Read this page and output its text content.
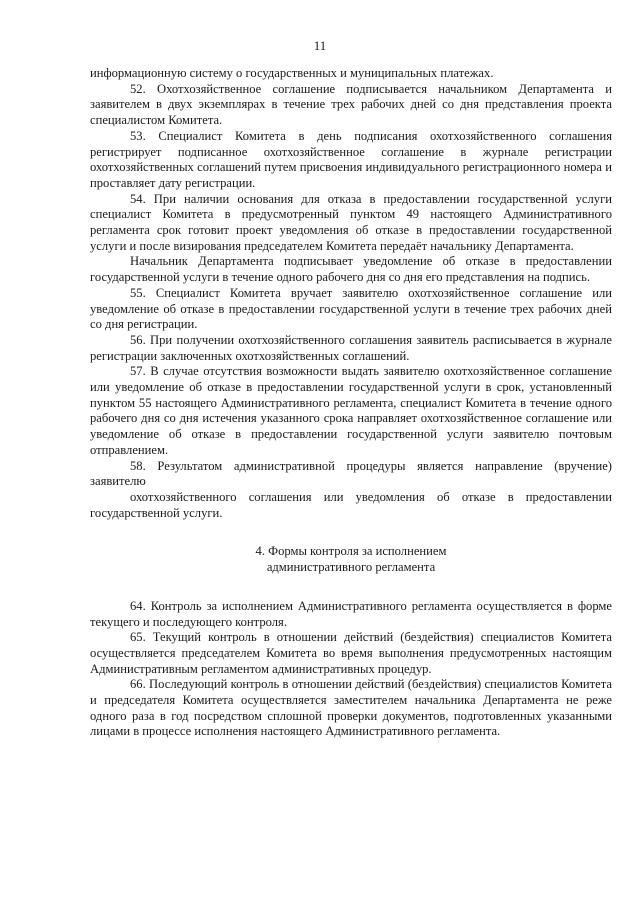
11

информационную систему о государственных и муниципальных платежах.

52. Охотхозяйственное соглашение подписывается начальником Департамента и заявителем в двух экземплярах в течение трех рабочих дней со дня представления проекта специалистом Комитета.

53. Специалист Комитета в день подписания охотхозяйственного соглашения регистрирует подписанное охотхозяйственное соглашение в журнале регистрации охотхозяйственных соглашений путем присвоения индивидуального регистрационного номера и проставляет дату регистрации.

54. При наличии основания для отказа в предоставлении государственной услуги специалист Комитета в предусмотренный пунктом 49 настоящего Административного регламента срок готовит проект уведомления об отказе в предоставлении государственной услуги и после визирования председателем Комитета передаёт начальнику Департамента.

Начальник Департамента подписывает уведомление об отказе в предоставлении государственной услуги в течение одного рабочего дня со дня его представления на подпись.

55. Специалист Комитета вручает заявителю охотхозяйственное соглашение или уведомление об отказе в предоставлении государственной услуги в течение трех рабочих дней со дня регистрации.

56. При получении охотхозяйственного соглашения заявитель расписывается в журнале регистрации заключенных охотхозяйственных соглашений.

57. В случае отсутствия возможности выдать заявителю охотхозяйственное соглашение или уведомление об отказе в предоставлении государственной услуги в срок, установленный пунктом 55 настоящего Административного регламента, специалист Комитета в течение одного рабочего дня со дня истечения указанного срока направляет охотхозяйственное соглашение или уведомление об отказе в предоставлении государственной услуги заявителю почтовым отправлением.

58. Результатом административной процедуры является направление (вручение) заявителю

охотхозяйственного соглашения или уведомления об отказе в предоставлении государственной услуги.

4. Формы контроля за исполнением
административного регламента

64. Контроль за исполнением Административного регламента осуществляется в форме текущего и последующего контроля.

65. Текущий контроль в отношении действий (бездействия) специалистов Комитета осуществляется председателем Комитета во время выполнения предусмотренных настоящим Административным регламентом административных процедур.

66. Последующий контроль в отношении действий (бездействия) специалистов Комитета и председателя Комитета осуществляется заместителем начальника Департамента не реже одного раза в год посредством сплошной проверки документов, подготовленных указанными лицами в процессе исполнения настоящего Административного регламента.
